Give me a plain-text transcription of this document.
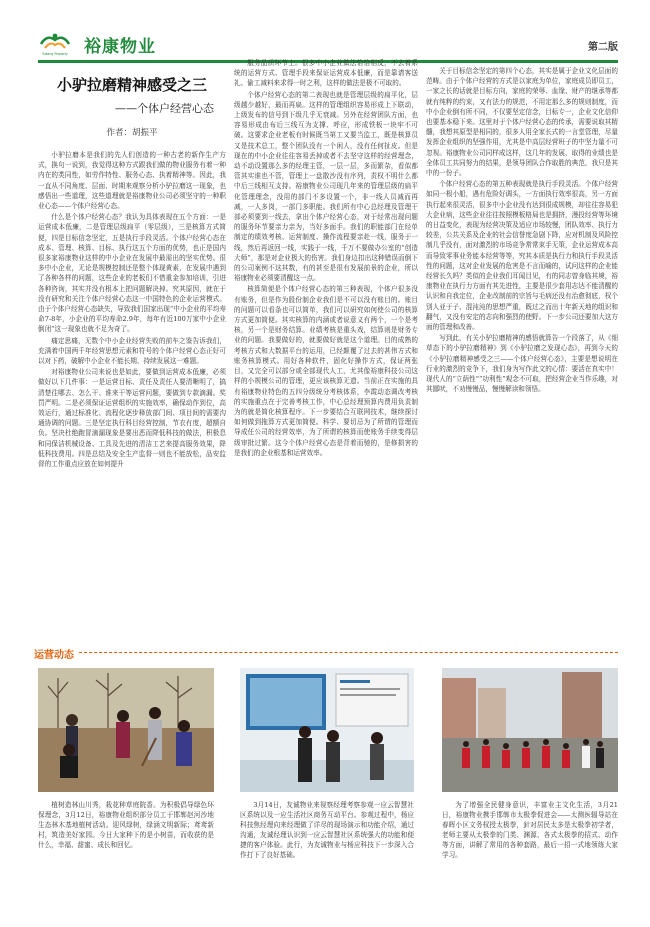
Yukang Property 裕康物业	第二版
小驴拉磨精神感受之三
——个体户经营心态
作者：胡振平

小驴拉磨本是我们的先人们创造的一种古老的新作生产方式，换句一说到，我觉得这种方式跟我们做的物业服务有着一种内在的类同性，如劳作特性、服务心态、执着精神等。因此，我一直从不同角度、层面、时期来观察分析小驴拉磨这一现象，也感悟出一些道理，这些道理就是裕康物业公司必须坚守的一种职业心态——个体户经营心态。

什么是个体户经营心态？我认为具体表现在五个方面：一是运营成本低廉，二是管理层级扁平（零层级），三是核算方式简便，四是目标信念坚定，五是执行手段灵活。个体户经营心态在成本、管理、核算、目标、执行这五个方面的优势，也正是国内很多家裕康物业这样的中小企业在发展中最需出的坚实优势。很多中小企业，无论是规模控制还是整个体现黄素，在发展中遇到了各种各样的问题，这些企业的老板们不惜重金参加培训，引进各种咨询，其实并没有根本上把问题解决掉。究其原因，就在于没有研究和关注个体户经营心态这一中国特色的企业运营模式。由于个体户经营心态缺失，导致我们国家出现“中小企业的平均寿命7-8年，小企业的平均寿命2.9年，每年有近100万家中小企业倒闭”这一现象也就不足为奇了。

痛定思痛，无数个中小企业经营失败的前车之鉴告诉我们，充满着中国两千年经营思想元素和符号的个体户经营心态正好可以对下药，破解中小企业不能长期、持续发展这一难题。

对裕康物业公司来说也是如此，要做到运营成本低廉，必须做好以下几件事：一是运营目标、责任及责任人要清晰明了，搞清楚往哪去、怎么干、谁来干等运营问题，要做到专款滴漏。奖罚严明。二是必须保证运营组织的实施效率，确保动作到位，高效运行，通过标准化、流程化逐步释放部门间、项目间的需要沟通协调的问题。三是坚定执行科目经营控制，节衣有度，超额自负。坚决杜绝跑冒滴漏现象是要出恶而降低科技的做法，积极息和同保洁机械设备、工具及先进的清洁工艺来提高服务效果，降低科技费用。四是总结及安全生产监督一则也不能放松，品安监督的工作重点应放在如何提升

服务品质环节上。很多中小企业做法恰恰相反，不去着系统的运营方式、管理手段来保证运营成本低廉，而是靠请客送礼、偷工减料来求得一时之利，这样的做法是极不可取的。

个体户经营心态的第二表现也就是管理层级的扁平化，层级越少越好，最而再扁。这样的管理组织容易形成上下联动，上级发布的信号到下级几乎无衰减。另外在经营团队方面，也容易形成由布后三线互为支撑、呼应，形成铁板一块牢不可破。这要求企业老板有时候既当第工又要当监工，既是核算员又是技术总工，整个团队没有一个闲人，没有任何扯皮。但是现在的中小企业往往容易丢掉或者不去坚守这样的经营理念，动不动设置那么多的经理主管，一层一层，多而繁杂，看似都管其实谁也不管，管理上一盘散沙没有序列，责权不明什么都中后三线相互支持。裕康物业公司现几年来的管理层级的扁平化管理理念，没用的部门不多设置一个，非一线人员减而再减，一人多岗，一部门多职能。我们所有中心总经理及管理干部必须要到一线去，拿出个体户经营心态，对于经常出现问题的服务环节要亲力亲为，当好多面手。我们的职能部门在经单制定的绩效考核、运营制度、操作流程要亲赴一线，服务于一线，然后再返回一线，实践于一线，千万不要做办公室的“创造大师”，那是对企业极大的伤害。我们身边扣出这种错误而倒下的公司案例不这其数，有的甚至是很有发展前景的企业，所以裕康物业必须要清醒这一点。

核算简便是个体户经营心态的第三种表现，个体户很多没有账务，但是作为股份制企业我们是不可以没有账目的。账目的问题可以看条也可以简单，我们可以研究如何使公司的核算方式更加简便。其实核算的内涵或者说意义有两个，一个是考核，另一个是财务结算。业绩考核是重头戏，结算则是财务专业的问题。我要做好的，就要做好就是这个道理。目的成熟的考核方式和大数据平台的运用，已经颠覆了过去的甚伟方式和账务核算模式。用好各种软件，固化好操作方式，保证两张目，又完全可以部分或全部现代人工，尤其像裕康科技公司这样的小规模公司的管理，更应该核算无遗。当前正在实施的具有裕康物业特色的五四分级统分考核体系，李霞动态调改考核的实施重点在于完善考核工作，中心总经理预算内费用负责制为的就是简化核算程序。下一步要结合互联网技术，继续探讨如何做到拖算方式更加简便。科学、要切忌为了所谓的管理而导成任公司的经营效率，为了所谓的核算而使账务手续变得层级审批过繁。这今个体户经营心态是背着而驰的，是修损害的是我们的企业根基和运营效率。

关于目标信念坚定的第四个心态，其实是属于企业文化层面的范畴。由于个体户经营的方式是以家庭为单位，家庭成员即员工，一家之长的话就是目标方向，家庭的荣辱、血缘、财产的继承等都就有纯粹的约束，又有法力的规范，不用定那么多的规则制度，而中小企业倒有所不同，不仅要坚定信念，目标专一，企业文化信仰也要基本稳下来。这里对于个体户经营心态的传承，需要说取其精髓，我想其原型是相同的，很多人用全家长式的一言堂管理，尽量发挥企业组织的坚强作用，尤其是中高层经营班子的中坚力量不可忽视。裕康物业公司同样成这样，这几年的发展，取得的业绩也是全体员工共同努力的结果，是领导团队合作取胜的典范，我只是其中的一份子。

个体户经营心态的第五种表现就是执行手段灵活。个体户经营如同一根小船，遇有危险好调头，一方面执行效率很高，另一方面执行起来很灵活，很多中小企业没有达到很成规模，却往往容易犯大企业病，这些企业往往按照模板格局也是拥挤，漫投经营等环境的日益变化，表现为经营决策及适应市场较慢，团队效率、执行力较差，公共关系及企业的社会信誉度急剧下降，应对机制及风险控制几乎没有，面对激烈的市场竞争常常束手无策，企业运营成本高而导致零事业务能本经营等等，究其本质是执行力和执行手段灵活性的问题，这对企业发展的危害是不言而喻的，试问这样的企业能经营长久吗？类似的企业我们耳闻目见，有的同志曾身临其境，裕康物业在执行力方面有其先进性，主要是很少套用志达不能清醒的认识和自我定位，企业改制前的宗旨与毛病还没有治愈彻底，权个别人亚于子、混沌沌的思想严重，既过之而出十年新天地的组识和翻气，又没有安定的志向和强烈的使野。下一步公司还要加大这方面的管理和改善。

写到此，有关小驴拉磨精神的感悟就算告一个段落了，从《细草态下的小驴拉磨精神》到《小驴拉磨之发现心态》，再到今天的《小驴拉磨精神感受之三——个体户经营心态》，主要是想说明在行业的激烈的竞争下，我们身为写作此文的心情：要活在真实中！现代人的“立荫性”“功利性”观念不可取，把经营企业当作乐趣，对其鄙吠，不劝慢慢品，慢慢解读和领悟。

运营动态
植树造林山川秀，栽花种草庭院香。为积极倡导绿色环保理念，3月12日，裕康物业组织部分员工于邯郸赵河沙地生态林木基地植树活动。迎风绿树，绿涵文明新际；鸢鸢新村，筑造美好家园。今日大家种下的是小树苗，而收获的是什么，幸福、甜蜜、成长和回忆。
3月14日，友诚物业来视察经理考察参观一应云智慧社区系统以及一应生活社区商务互动平台。参观过程中，杨应科技焦经理向来经理做了详尽的现场演示和功能介绍，通过沟通，友诚经理认识到一应云智慧社区系统强大的功能和便捷的客户体验。此行，为友诚物业与杨应科技下一步深入合作打下了良好基础。
为了增强全民健身意识，丰富业主文化生活，3月21日，裕康物业携手邯郸市太极拳促进会——太测医辐导站在春晖小区文务权授太极拳，針对居民太多是太极拳初学者，老师主要从太极拳的门类、渊源、各式太极拳的招式、动作等方面，讲解了常用的各种套路，最后一招一式地领练大家学习。
